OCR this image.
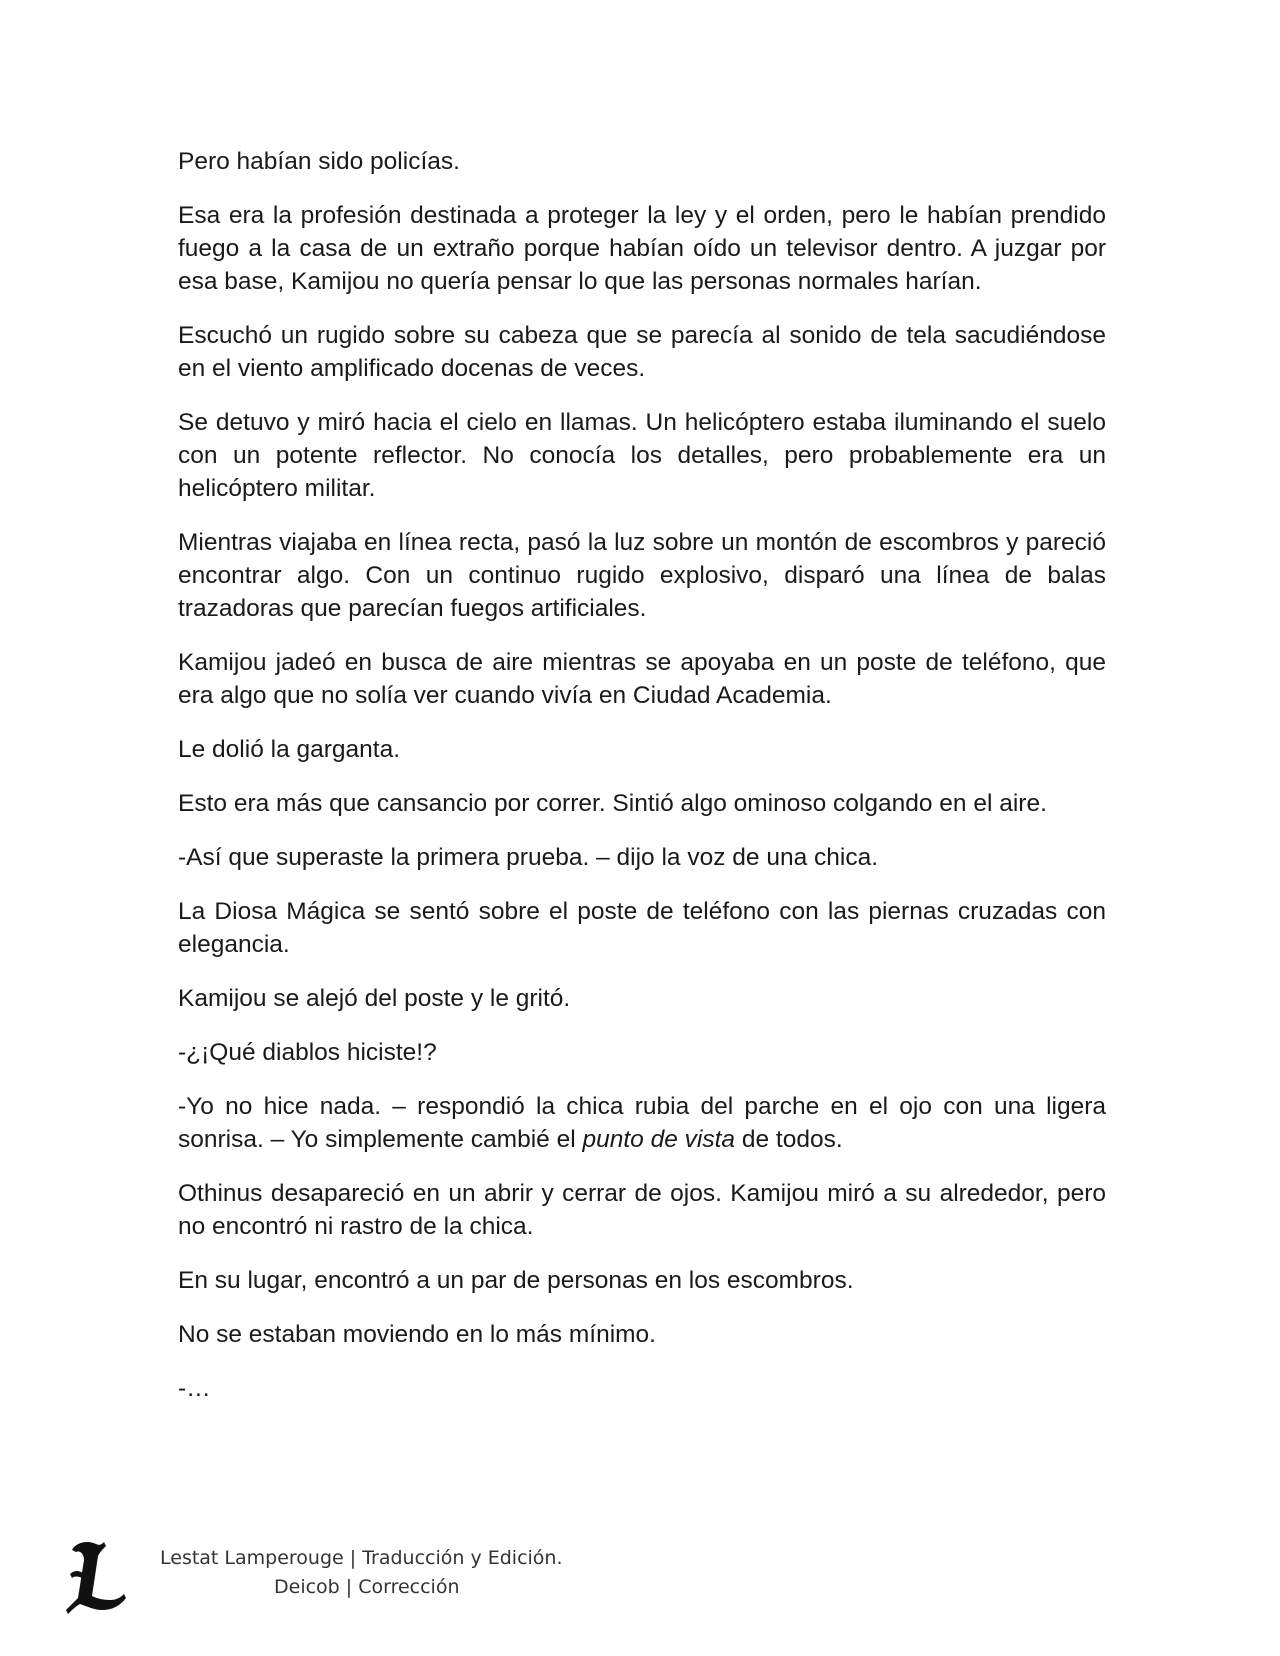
Pero habían sido policías.

Esa era la profesión destinada a proteger la ley y el orden, pero le habían prendido fuego a la casa de un extraño porque habían oído un televisor dentro. A juzgar por esa base, Kamijou no quería pensar lo que las personas normales harían.

Escuchó un rugido sobre su cabeza que se parecía al sonido de tela sacudiéndose en el viento amplificado docenas de veces.

Se detuvo y miró hacia el cielo en llamas. Un helicóptero estaba iluminando el suelo con un potente reflector. No conocía los detalles, pero probablemente era un helicóptero militar.

Mientras viajaba en línea recta, pasó la luz sobre un montón de escombros y pareció encontrar algo. Con un continuo rugido explosivo, disparó una línea de balas trazadoras que parecían fuegos artificiales.

Kamijou jadeó en busca de aire mientras se apoyaba en un poste de teléfono, que era algo que no solía ver cuando vivía en Ciudad Academia.

Le dolió la garganta.

Esto era más que cansancio por correr. Sintió algo ominoso colgando en el aire.

-Así que superaste la primera prueba. – dijo la voz de una chica.

La Diosa Mágica se sentó sobre el poste de teléfono con las piernas cruzadas con elegancia.

Kamijou se alejó del poste y le gritó.

-¿¡Qué diablos hiciste!?

-Yo no hice nada. – respondió la chica rubia del parche en el ojo con una ligera sonrisa. – Yo simplemente cambié el punto de vista de todos.

Othinus desapareció en un abrir y cerrar de ojos. Kamijou miró a su alrededor, pero no encontró ni rastro de la chica.

En su lugar, encontró a un par de personas en los escombros.

No se estaban moviendo en lo más mínimo.

-…

Lestat Lamperouge | Traducción y Edición.
Deicob | Corrección
